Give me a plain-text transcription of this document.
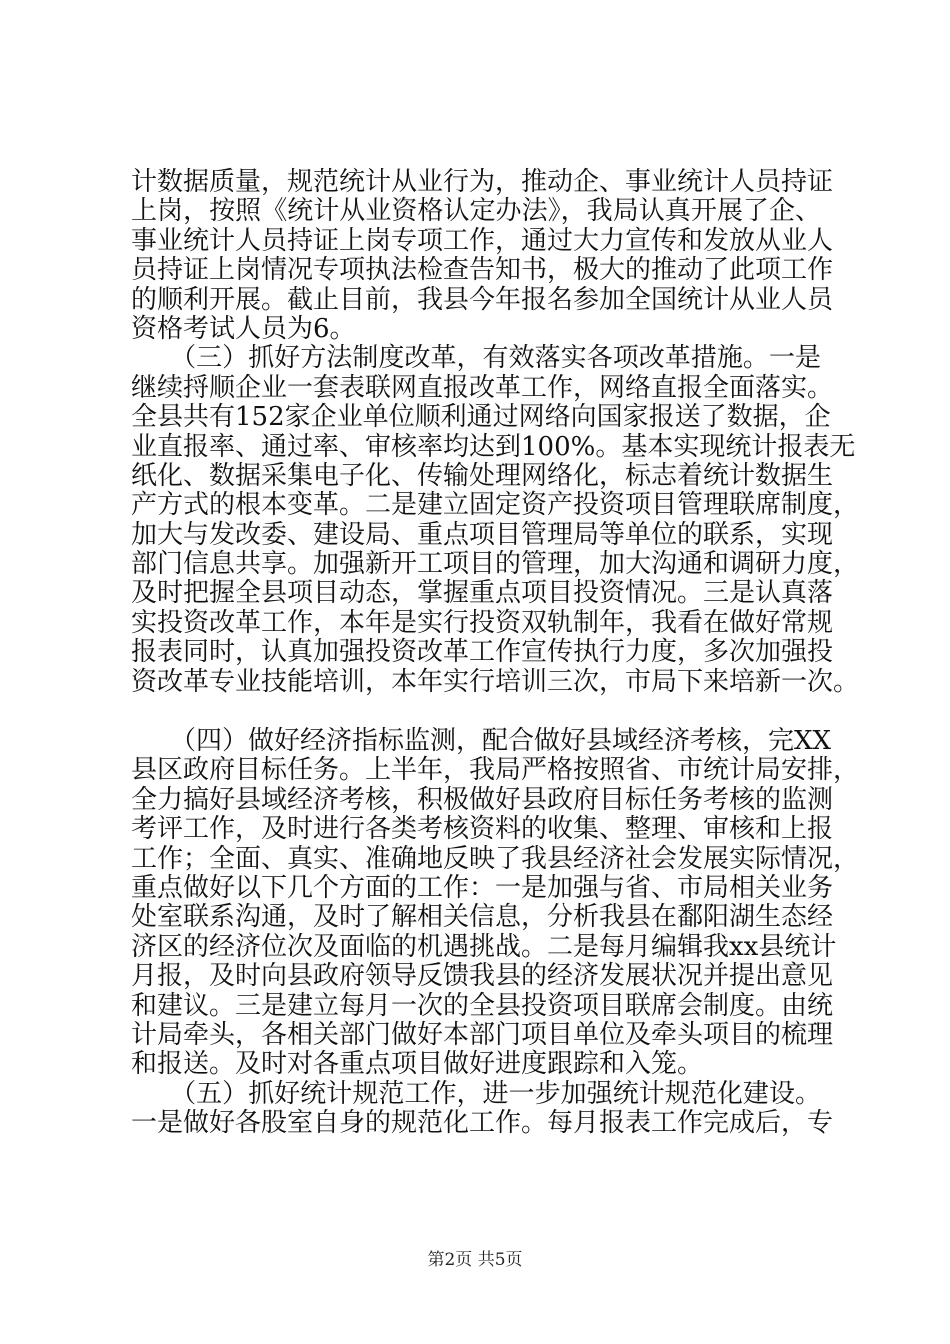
计数据质量，规范统计从业行为，推动企、事业统计人员持证
上岗，按照《统计从业资格认定办法》，我局认真开展了企、
事业统计人员持证上岗专项工作，通过大力宣传和发放从业人
员持证上岗情况专项执法检查告知书，极大的推动了此项工作
的顺利开展。截止目前，我县今年报名参加全国统计从业人员
资格考试人员为6。
　　（三）抓好方法制度改革，有效落实各项改革措施。一是
继续捋顺企业一套表联网直报改革工作，网络直报全面落实。
全县共有152家企业单位顺利通过网络向国家报送了数据，企
业直报率、通过率、审核率均达到100%。基本实现统计报表无
纸化、数据采集电子化、传输处理网络化，标志着统计数据生
产方式的根本变革。二是建立固定资产投资项目管理联席制度，
加大与发改委、建设局、重点项目管理局等单位的联系，实现
部门信息共享。加强新开工项目的管理，加大沟通和调研力度，
及时把握全县项目动态，掌握重点项目投资情况。三是认真落
实投资改革工作，本年是实行投资双轨制年，我看在做好常规
报表同时，认真加强投资改革工作宣传执行力度，多次加强投
资改革专业技能培训，本年实行培训三次，市局下来培新一次。
　　（四）做好经济指标监测，配合做好县域经济考核，完XX
县区政府目标任务。上半年，我局严格按照省、市统计局安排，
全力搞好县域经济考核，积极做好县政府目标任务考核的监测
考评工作，及时进行各类考核资料的收集、整理、审核和上报
工作；全面、真实、准确地反映了我县经济社会发展实际情况，
重点做好以下几个方面的工作：一是加强与省、市局相关业务
处室联系沟通，及时了解相关信息，分析我县在鄱阳湖生态经
济区的经济位次及面临的机遇挑战。二是每月编辑我xx县统计
月报，及时向县政府领导反馈我县的经济发展状况并提出意见
和建议。三是建立每月一次的全县投资项目联席会制度。由统
计局牵头，各相关部门做好本部门项目单位及牵头项目的梳理
和报送。及时对各重点项目做好进度跟踪和入笼。
　　（五）抓好统计规范工作，进一步加强统计规范化建设。
一是做好各股室自身的规范化工作。每月报表工作完成后，专
第2页 共5页
